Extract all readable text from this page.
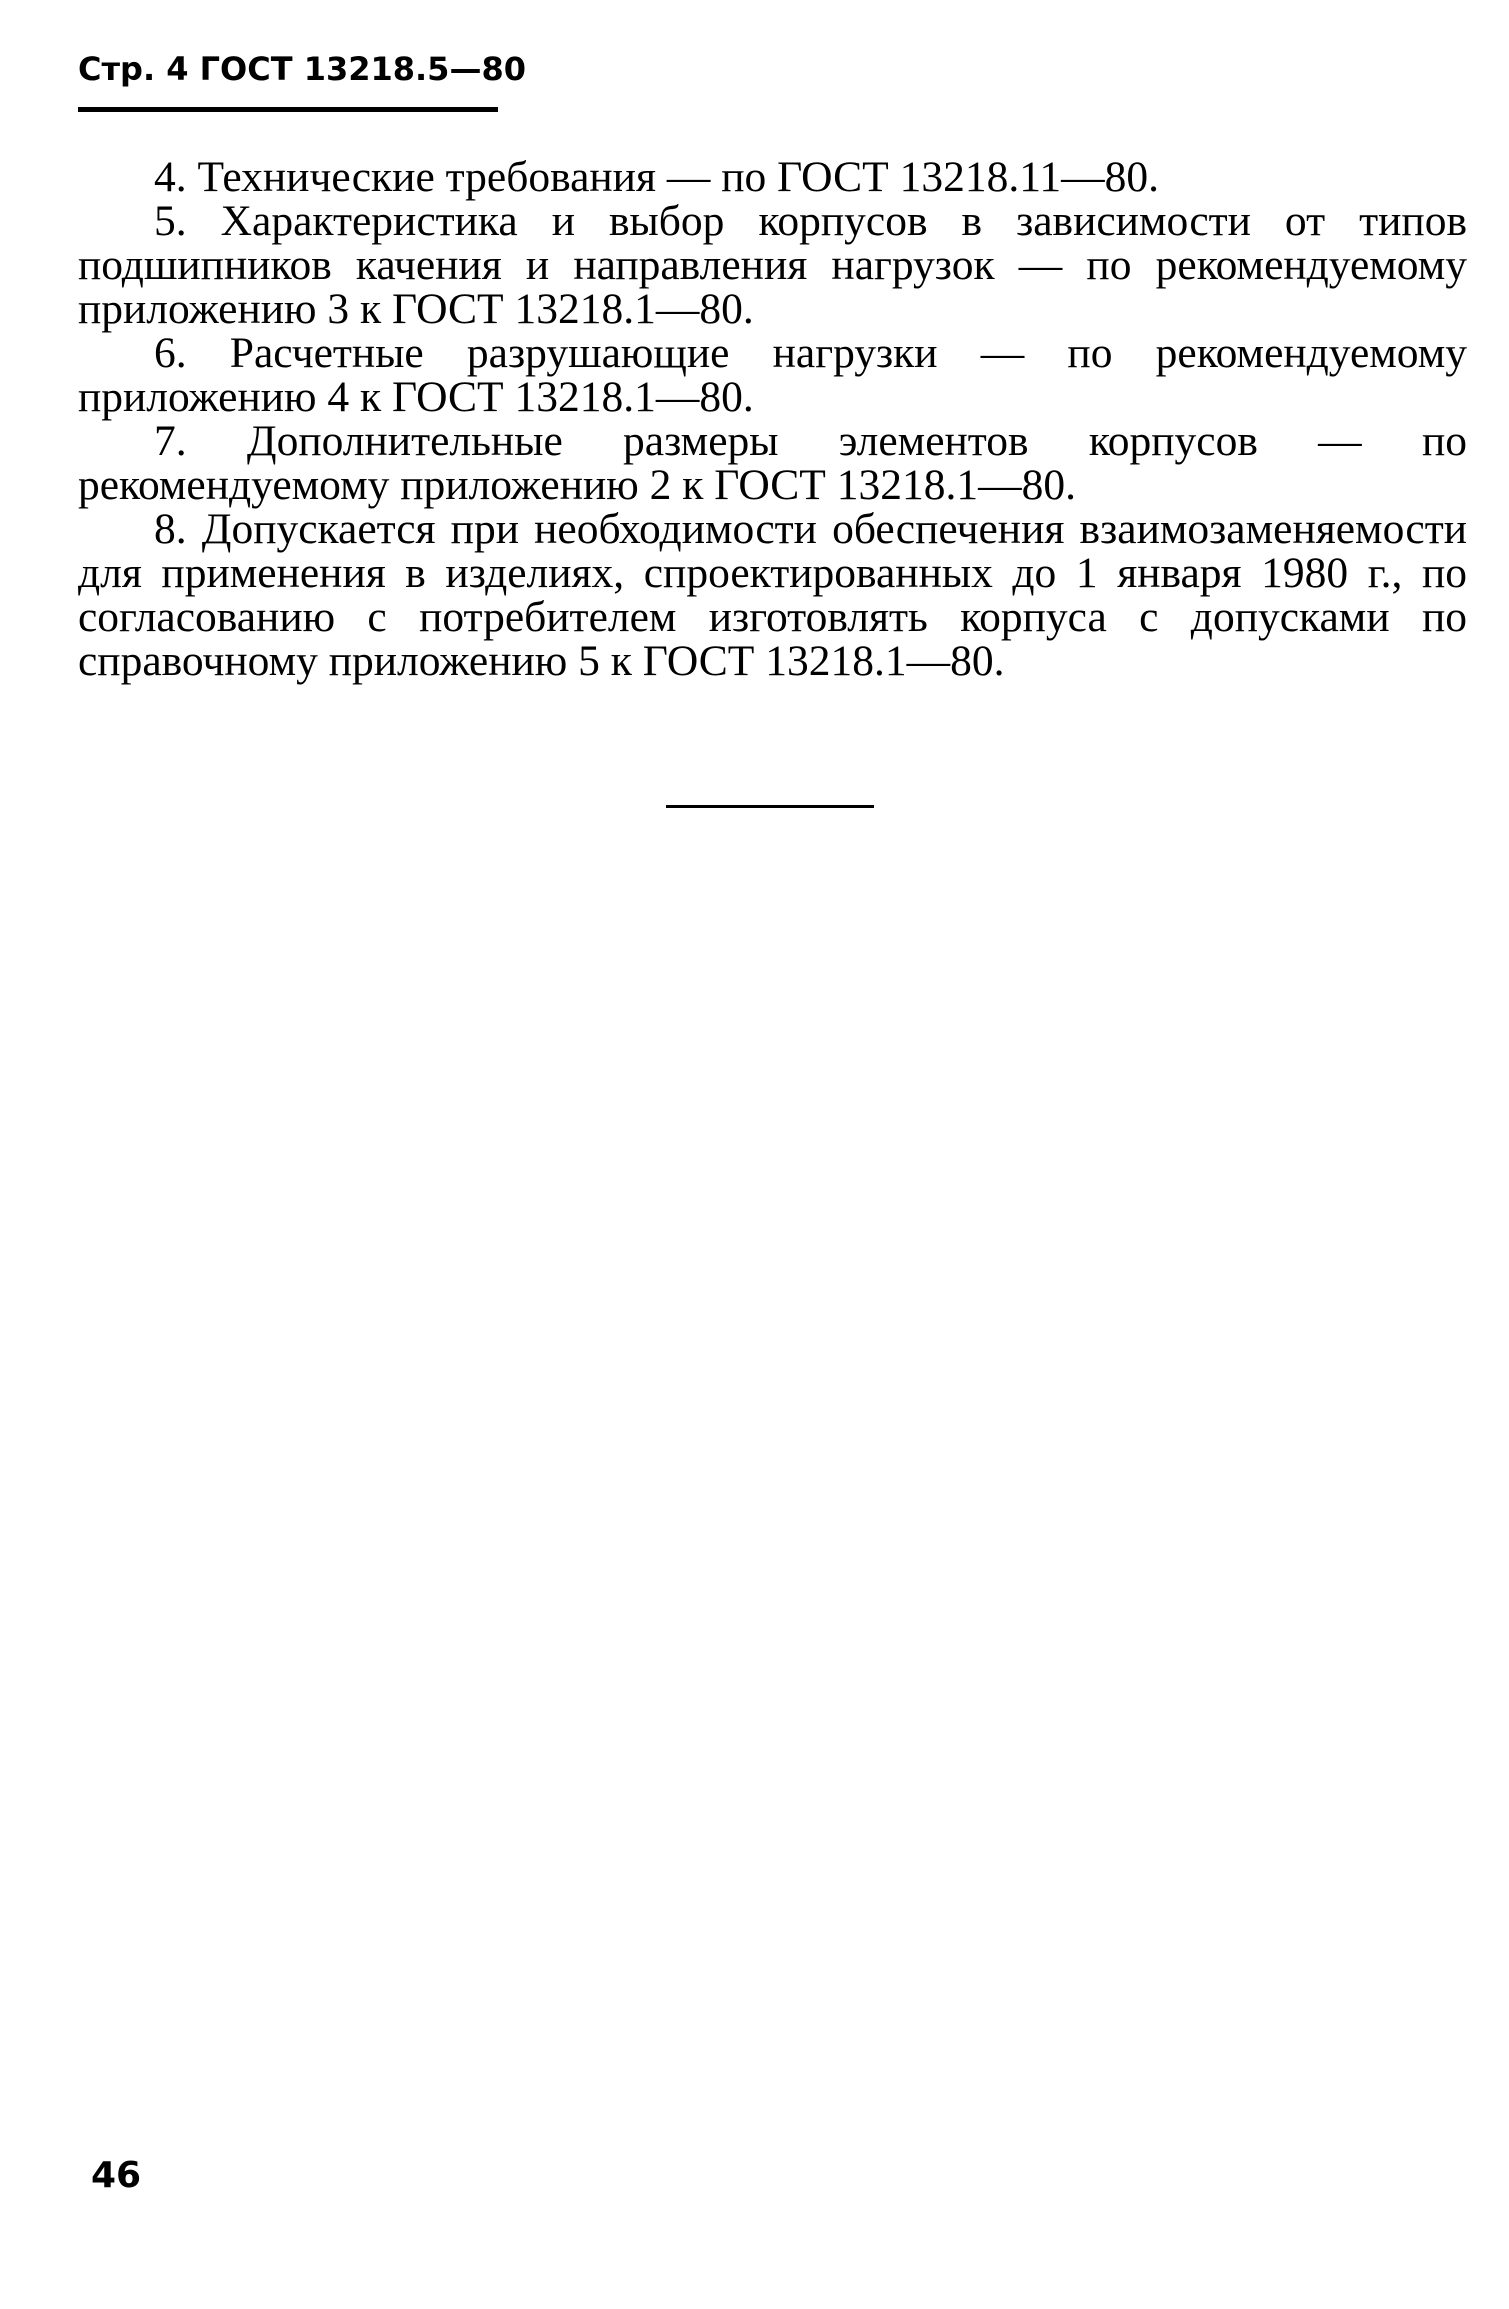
Стр. 4 ГОСТ 13218.5—80

4. Технические требования — по ГОСТ 13218.11—80.

5. Характеристика и выбор корпусов в зависимости от типов подшипников качения и направления нагрузок — по рекомендуемому приложению 3 к ГОСТ 13218.1—80.

6. Расчетные разрушающие нагрузки — по рекомендуемому приложению 4 к ГОСТ 13218.1—80.

7. Дополнительные размеры элементов корпусов — по рекомендуемому приложению 2 к ГОСТ 13218.1—80.

8. Допускается при необходимости обеспечения взаимозаменяемости для применения в изделиях, спроектированных до 1 января 1980 г., по согласованию с потребителем изготовлять корпуса с допусками по справочному приложению 5 к ГОСТ 13218.1—80.

46
